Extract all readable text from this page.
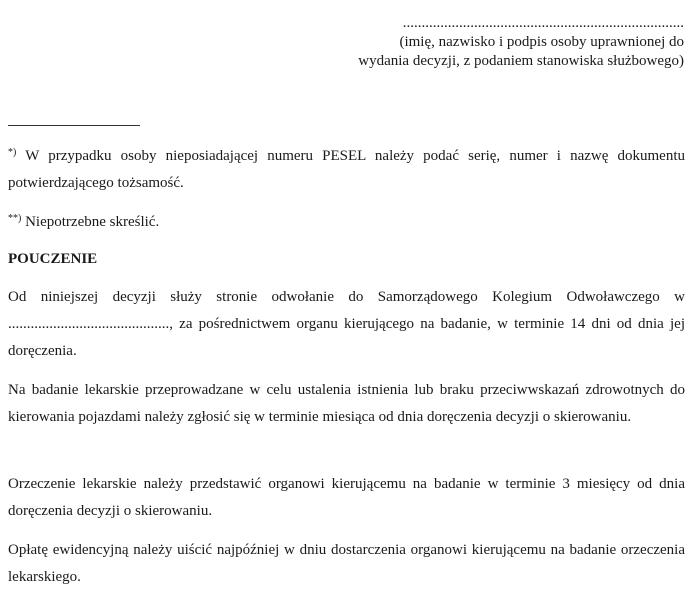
...........................................................................
(imię, nazwisko i podpis osoby uprawnionej do
wydania decyzji, z podaniem stanowiska służbowego)
*) W przypadku osoby nieposiadającej numeru PESEL należy podać serię, numer i nazwę dokumentu potwierdzającego tożsamość.
**) Niepotrzebne skreślić.
POUCZENIE
Od niniejszej decyzji służy stronie odwołanie do Samorządowego Kolegium Odwoławczego w ..........................................., za pośrednictwem organu kierującego na badanie, w terminie 14 dni od dnia jej doręczenia.
Na badanie lekarskie przeprowadzane w celu ustalenia istnienia lub braku przeciwwskazań zdrowotnych do kierowania pojazdami należy zgłosić się w terminie miesiąca od dnia doręczenia decyzji o skierowaniu.
Orzeczenie lekarskie należy przedstawić organowi kierującemu na badanie w terminie 3 miesięcy od dnia doręczenia decyzji o skierowaniu.
Opłatę ewidencyjną należy uiścić najpóźniej w dniu dostarczenia organowi kierującemu na badanie orzeczenia lekarskiego.
